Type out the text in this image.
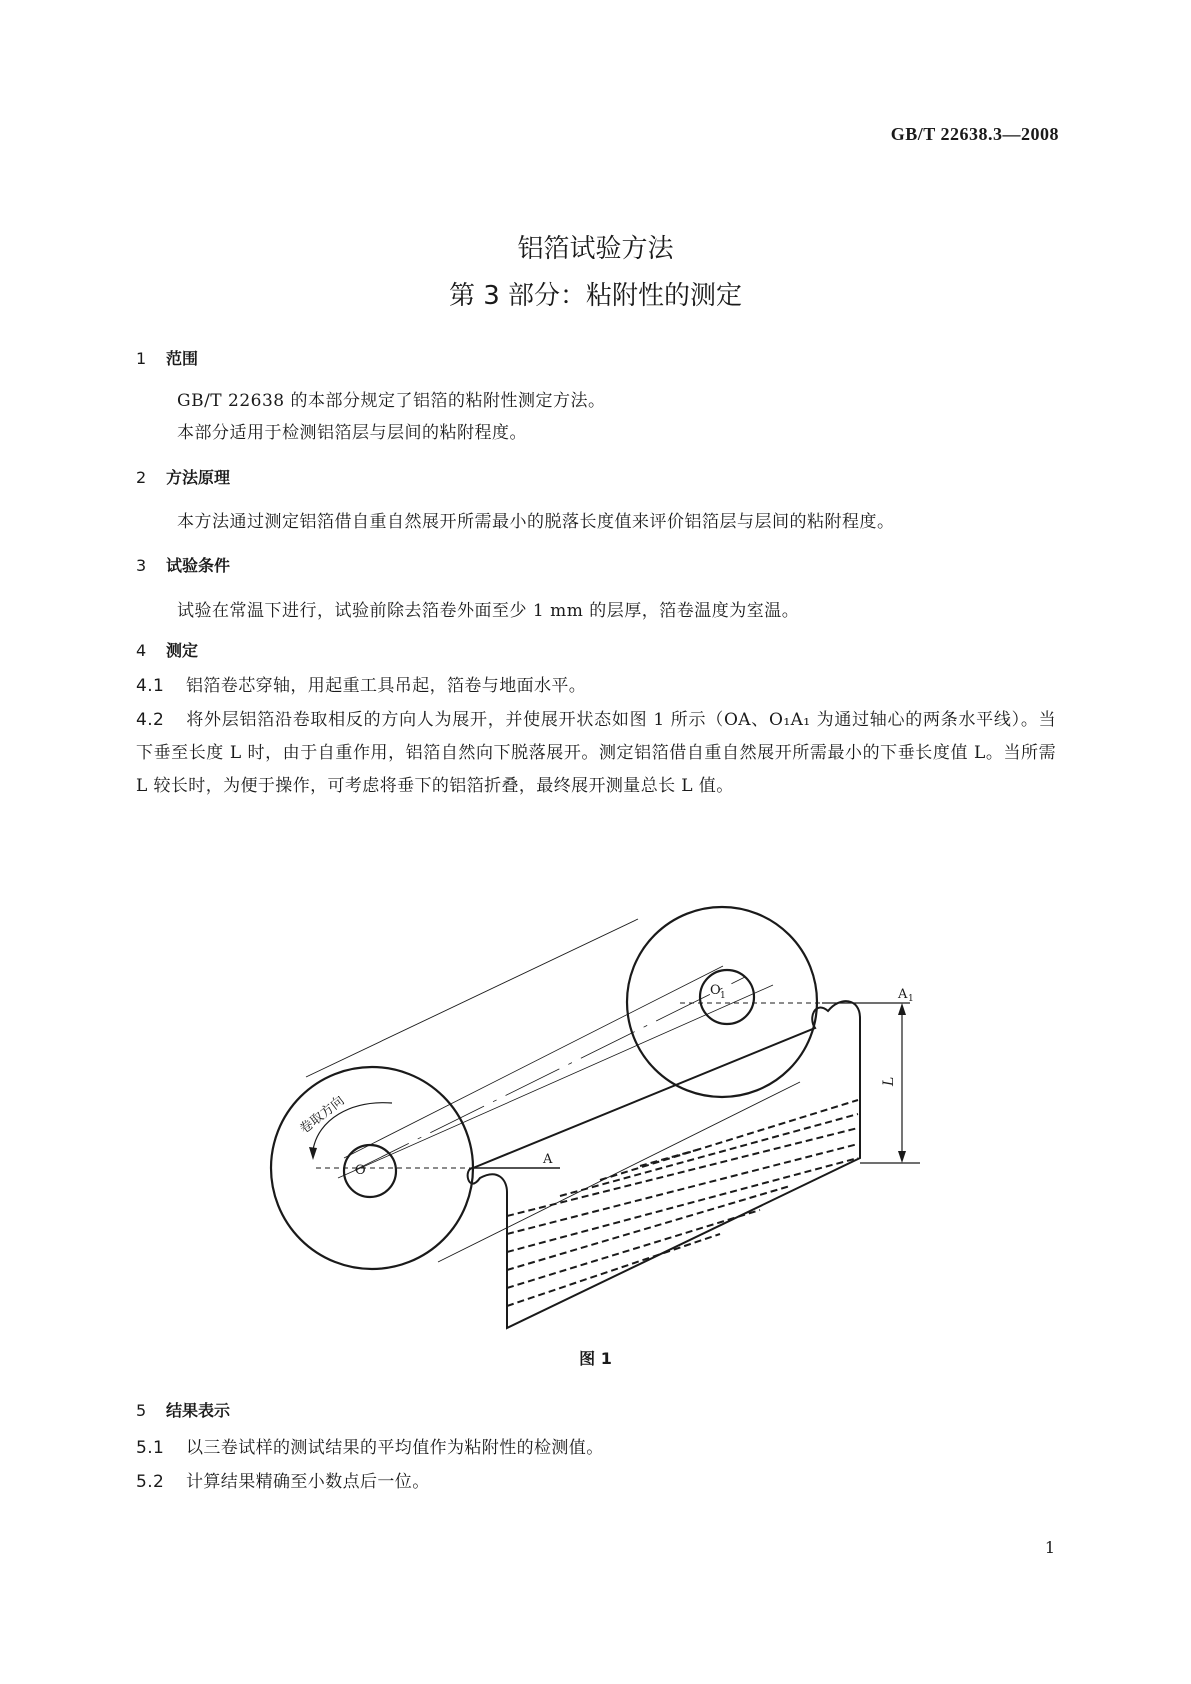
GB/T 22638.3—2008
铝箔试验方法
第 3 部分：粘附性的测定
1 范围
GB/T 22638 的本部分规定了铝箔的粘附性测定方法。
本部分适用于检测铝箔层与层间的粘附程度。
2 方法原理
本方法通过测定铝箔借自重自然展开所需最小的脱落长度值来评价铝箔层与层间的粘附程度。
3 试验条件
试验在常温下进行，试验前除去箔卷外面至少 1 mm 的层厚，箔卷温度为室温。
4 测定
4.1 铝箔卷芯穿轴，用起重工具吊起，箔卷与地面水平。
4.2 将外层铝箔沿卷取相反的方向人为展开，并使展开状态如图 1 所示（OA、O₁A₁ 为通过轴心的两条水平线）。当下垂至长度 L 时，由于自重作用，铝箔自然向下脱落展开。测定铝箔借自重自然展开所需最小的下垂长度值 L。当所需 L 较长时，为便于操作，可考虑将垂下的铝箔折叠，最终展开测量总长 L 值。
卷取方向
O
O 1
A
A 1
L
图 1
5 结果表示
5.1 以三卷试样的测试结果的平均值作为粘附性的检测值。
5.2 计算结果精确至小数点后一位。
1
